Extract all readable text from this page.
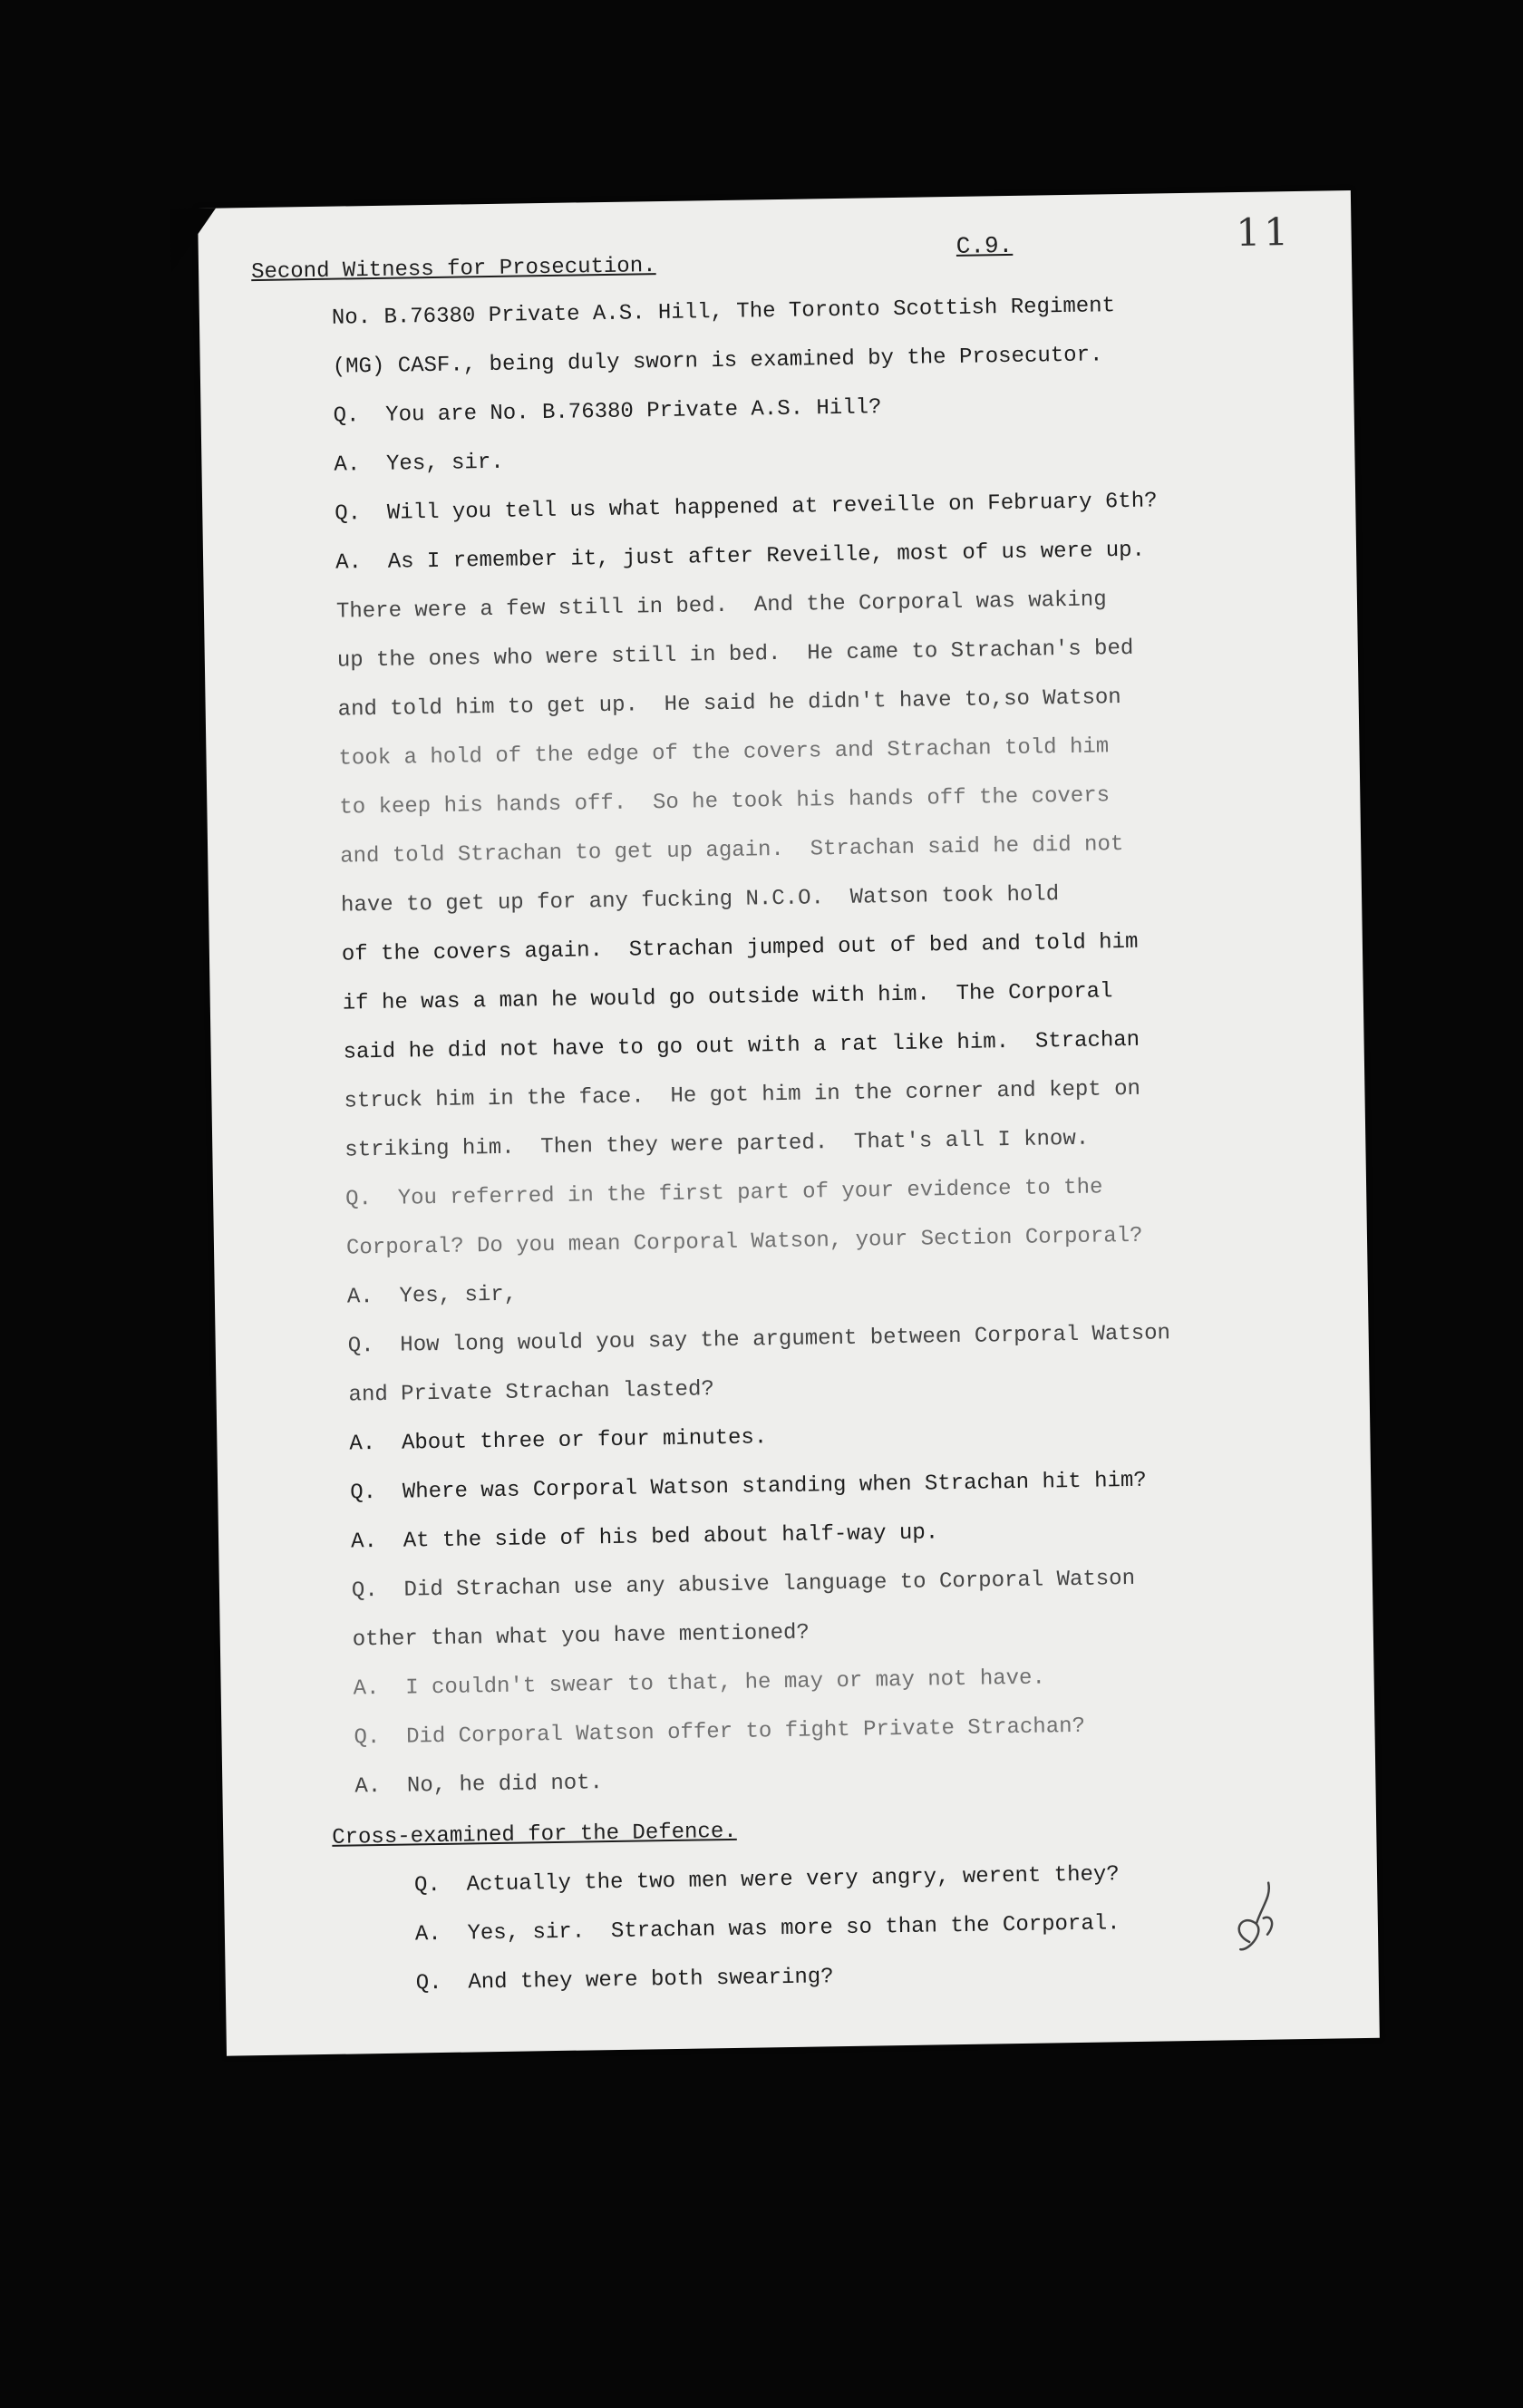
C.9.	11
Second Witness for Prosecution.
No. B.76380 Private A.S. Hill, The Toronto Scottish Regiment
(MG) CASF., being duly sworn is examined by the Prosecutor.
Q.  You are No. B.76380 Private A.S. Hill?
A.  Yes, sir.
Q.  Will you tell us what happened at reveille on February 6th?
A.  As I remember it, just after Reveille, most of us were up.
There were a few still in bed.  And the Corporal was waking
up the ones who were still in bed.  He came to Strachan's bed
and told him to get up.  He said he didn't have to,so Watson
took a hold of the edge of the covers and Strachan told him
to keep his hands off.  So he took his hands off the covers
and told Strachan to get up again.  Strachan said he did not
have to get up for any fucking N.C.O.  Watson took hold
of the covers again.  Strachan jumped out of bed and told him
if he was a man he would go outside with him.  The Corporal
said he did not have to go out with a rat like him.  Strachan
struck him in the face.  He got him in the corner and kept on
striking him.  Then they were parted.  That's all I know.
Q.  You referred in the first part of your evidence to the
Corporal? Do you mean Corporal Watson, your Section Corporal?
A.  Yes, sir,
Q.  How long would you say the argument between Corporal Watson
and Private Strachan lasted?
A.  About three or four minutes.
Q.  Where was Corporal Watson standing when Strachan hit him?
A.  At the side of his bed about half-way up.
Q.  Did Strachan use any abusive language to Corporal Watson
other than what you have mentioned?
A.  I couldn't swear to that, he may or may not have.
Q.  Did Corporal Watson offer to fight Private Strachan?
A.  No, he did not.
Cross-examined for the Defence.
Q.  Actually the two men were very angry, werent they?
A.  Yes, sir.  Strachan was more so than the Corporal.
Q.  And they were both swearing?
